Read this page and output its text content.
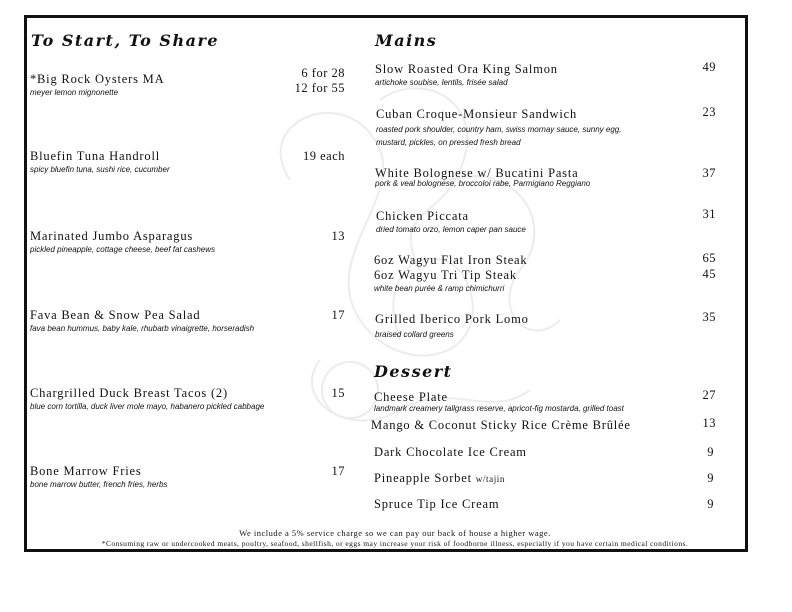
To Start, To Share
*Big Rock Oysters MA
meyer lemon mignonette
6 for 28
12 for 55
Bluefin Tuna Handroll
spicy bluefin tuna, sushi rice, cucumber
19 each
Marinated Jumbo Asparagus
pickled pineapple, cottage cheese, beef fat cashews
13
Fava Bean & Snow Pea Salad
fava bean hummus, baby kale, rhubarb vinaigrette, horseradish
17
Chargrilled Duck Breast Tacos (2)
blue corn tortilla, duck liver mole mayo, habanero pickled cabbage
15
Bone Marrow Fries
bone marrow butter, french fries, herbs
17
Mains
Slow Roasted Ora King Salmon
artichoke soubise, lentils, frisée salad
49
Cuban Croque-Monsieur Sandwich
roasted pork shoulder, country ham, swiss mornay sauce, sunny egg,
mustard, pickles, on pressed fresh bread
23
White Bolognese w/ Bucatini Pasta
pork & veal bolognese, broccoloi rabe, Parmigiano Reggiano
37
Chicken Piccata
dried tomato orzo, lemon caper pan sauce
31
6oz Wagyu Flat Iron Steak	65
6oz Wagyu Tri Tip Steak
white bean purée & ramp chimichurri
45
Grilled Iberico Pork Lomo
braised collard greens
35
Dessert
Cheese Plate
landmark creamery tallgrass reserve, apricot-fig mostarda, grilled toast
27
Mango & Coconut Sticky Rice Crème Brûlée	13
Dark Chocolate Ice Cream	9
Pineapple Sorbet w/tajin	9
Spruce Tip Ice Cream	9
We include a 5% service charge so we can pay our back of house a higher wage.
*Consuming raw or undercooked meats, poultry, seafood, shellfish, or eggs may increase your risk of foodborne illness, especially if you have certain medical conditions.
